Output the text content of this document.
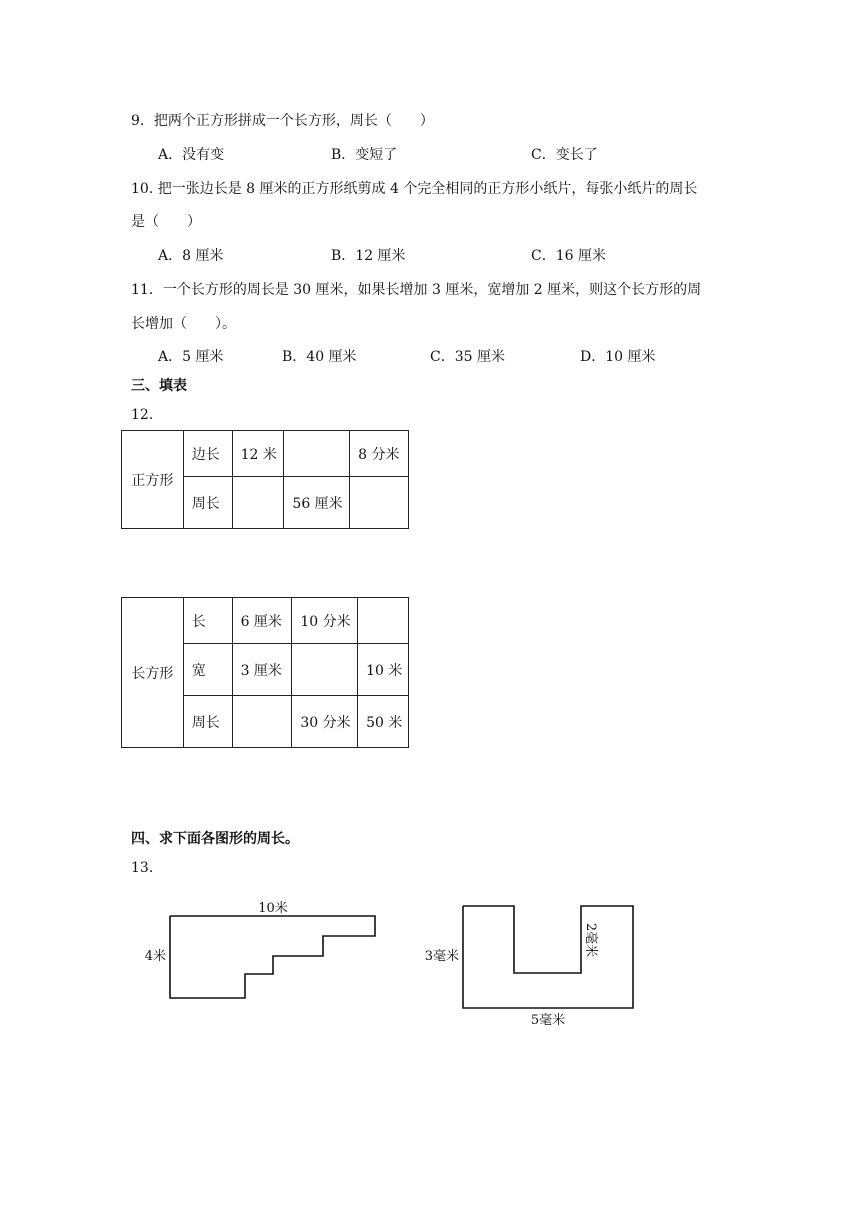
9．把两个正方形拼成一个长方形，周长（　　）
A．没有变	B．变短了	C．变长了
10. 把一张边长是 8 厘米的正方形纸剪成 4 个完全相同的正方形小纸片，每张小纸片的周长
是（　　）
A．8 厘米	B．12 厘米	C．16 厘米
11．一个长方形的周长是 30 厘米，如果长增加 3 厘米，宽增加 2 厘米，则这个长方形的周
长增加（　　）。
A．5 厘米	B．40 厘米	C．35 厘米	D．10 厘米
三、填表
12．
正方形	边长	12 米		8 分米
	周长		56 厘米	
长方形	长	6 厘米	10 分米	
	宽	3 厘米		10 米
	周长		30 分米	50 米
四、求下面各图形的周长。
13．
10米
4米	3毫米
5毫米
2毫米
